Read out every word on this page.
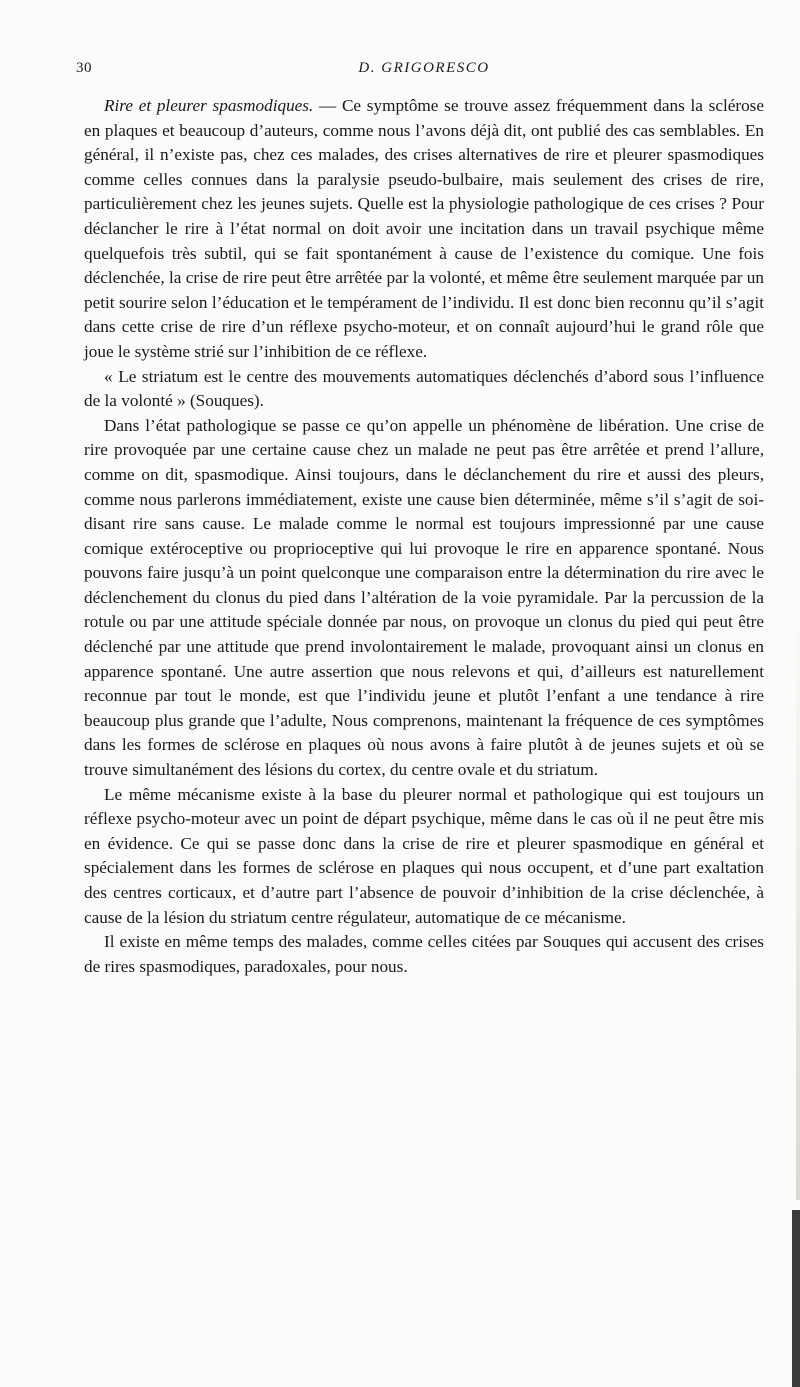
30	D. GRIGORESCO

Rire et pleurer spasmodiques. — Ce symptôme se trouve assez fréquemment dans la sclérose en plaques et beaucoup d’auteurs, comme nous l’avons déjà dit, ont publié des cas semblables. En général, il n’existe pas, chez ces malades, des crises alternatives de rire et pleurer spasmodiques comme celles connues dans la paralysie pseudo-bulbaire, mais seulement des crises de rire, particulièrement chez les jeunes sujets. Quelle est la physiologie pathologique de ces crises ? Pour déclancher le rire à l’état normal on doit avoir une incitation dans un travail psychique même quelquefois très subtil, qui se fait spontanément à cause de l’existence du comique. Une fois déclenchée, la crise de rire peut être arrêtée par la volonté, et même être seulement marquée par un petit sourire selon l’éducation et le tempérament de l’individu. Il est donc bien reconnu qu’il s’agit dans cette crise de rire d’un réflexe psycho-moteur, et on connaît aujourd’hui le grand rôle que joue le système strié sur l’inhibition de ce réflexe.

« Le striatum est le centre des mouvements automatiques déclenchés d’abord sous l’influence de la volonté » (Souques).

Dans l’état pathologique se passe ce qu’on appelle un phénomène de libération. Une crise de rire provoquée par une certaine cause chez un malade ne peut pas être arrêtée et prend l’allure, comme on dit, spasmodique. Ainsi toujours, dans le déclanchement du rire et aussi des pleurs, comme nous parlerons immédiatement, existe une cause bien déterminée, même s’il s’agit de soi-disant rire sans cause. Le malade comme le normal est toujours impressionné par une cause comique extéroceptive ou proprioceptive qui lui provoque le rire en apparence spontané. Nous pouvons faire jusqu’à un point quelconque une comparaison entre la détermination du rire avec le déclenchement du clonus du pied dans l’altération de la voie pyramidale. Par la percussion de la rotule ou par une attitude spéciale donnée par nous, on provoque un clonus du pied qui peut être déclenché par une attitude que prend involontairement le malade, provoquant ainsi un clonus en apparence spontané. Une autre assertion que nous relevons et qui, d’ailleurs est naturellement reconnue par tout le monde, est que l’individu jeune et plutôt l’enfant a une tendance à rire beaucoup plus grande que l’adulte, Nous comprenons, maintenant la fréquence de ces symptômes dans les formes de sclérose en plaques où nous avons à faire plutôt à de jeunes sujets et où se trouve simultanément des lésions du cortex, du centre ovale et du striatum.

Le même mécanisme existe à la base du pleurer normal et pathologique qui est toujours un réflexe psycho-moteur avec un point de départ psychique, même dans le cas où il ne peut être mis en évidence. Ce qui se passe donc dans la crise de rire et pleurer spasmodique en général et spécialement dans les formes de sclérose en plaques qui nous occupent, et d’une part exaltation des centres corticaux, et d’autre part l’absence de pouvoir d’inhibition de la crise déclenchée, à cause de la lésion du striatum centre régulateur, automatique de ce mécanisme.

Il existe en même temps des malades, comme celles citées par Souques qui accusent des crises de rires spasmodiques, paradoxales, pour nous.
